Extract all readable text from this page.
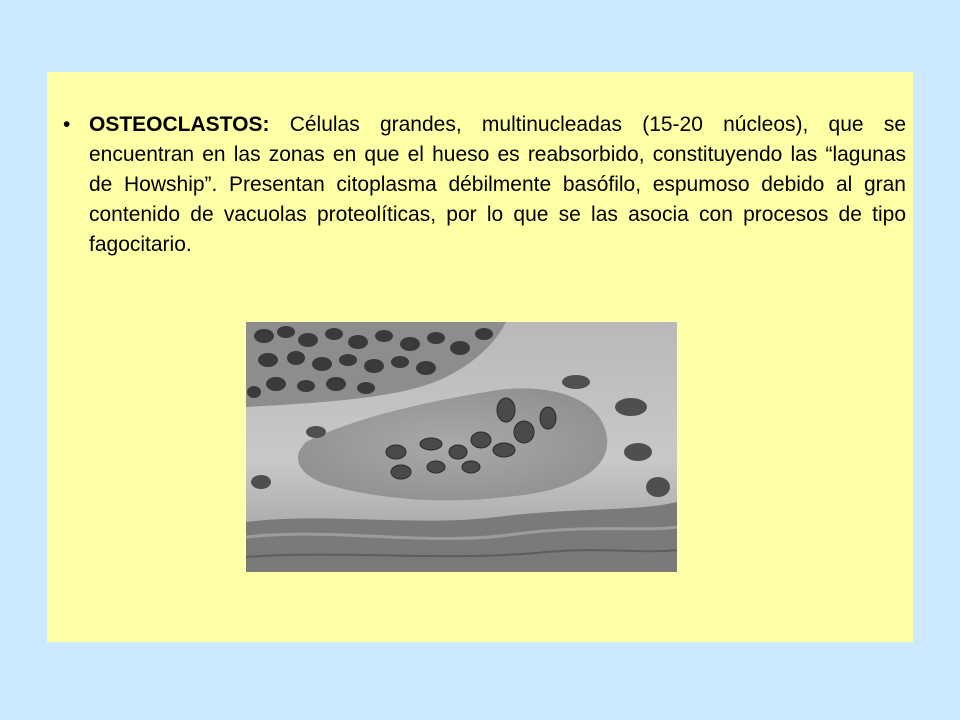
• OSTEOCLASTOS: Células grandes, multinucleadas (15-20 núcleos), que se encuentran en las zonas en que el hueso es reabsorbido, constituyendo las “lagunas de Howship”. Presentan citoplasma débilmente basófilo, espumoso debido al gran contenido de vacuolas proteolíticas, por lo que se las asocia con procesos de tipo fagocitario.
